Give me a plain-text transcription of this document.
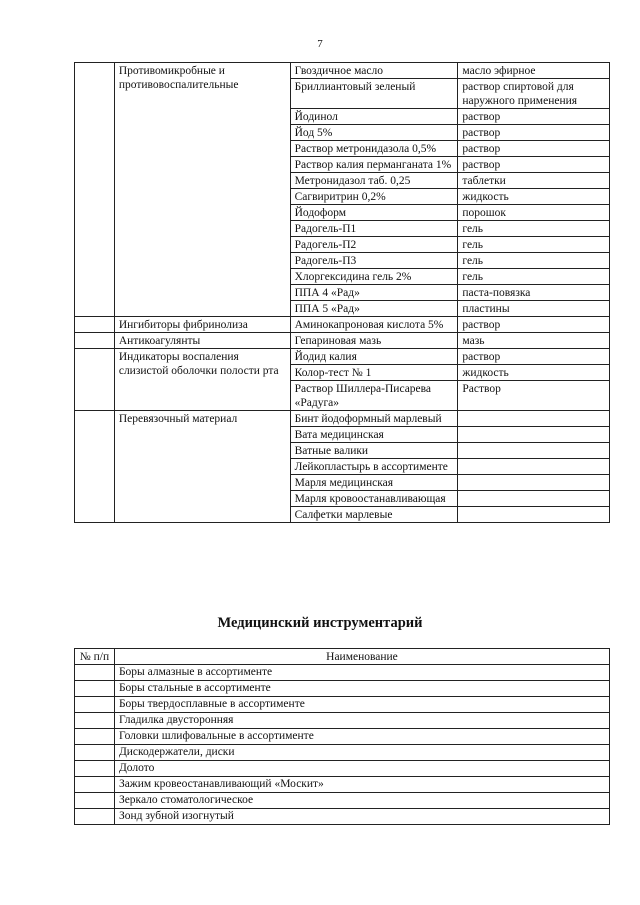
7
	Противомикробные и противовоспалительные	Гвоздичное масло	масло эфирное
		Бриллиантовый зеленый	раствор спиртовой для наружного применения
		Йодинол	раствор
		Йод 5%	раствор
		Раствор метронидазола 0,5%	раствор
		Раствор калия перманганата 1%	раствор
		Метронидазол таб. 0,25	таблетки
		Сагвиритрин 0,2%	жидкость
		Йодоформ	порошок
		Радогель-П1	гель
		Радогель-П2	гель
		Радогель-П3	гель
		Хлоргексидина гель 2%	гель
		ППА 4 «Рад»	паста-повязка
		ППА 5 «Рад»	пластины
	Ингибиторы фибринолиза	Аминокапроновая кислота 5%	раствор
	Антикоагулянты	Гепариновая мазь	мазь
	Индикаторы воспаления слизистой оболочки полости рта	Йодид калия	раствор
		Колор-тест № 1	жидкость
		Раствор Шиллера-Писарева «Радуга»	Раствор
	Перевязочный материал	Бинт йодоформный марлевый	
		Вата медицинская	
		Ватные валики	
		Лейкопластырь в ассортименте	
		Марля медицинская	
		Марля кровоостанавливающая	
		Салфетки марлевые	
Медицинский инструментарий
№ п/п	Наименование
	Боры алмазные в ассортименте
	Боры стальные в ассортименте
	Боры твердосплавные в ассортименте
	Гладилка двусторонняя
	Головки шлифовальные в ассортименте
	Дискодержатели, диски
	Долото
	Зажим кровеостанавливающий «Москит»
	Зеркало стоматологическое
	Зонд зубной изогнутый
